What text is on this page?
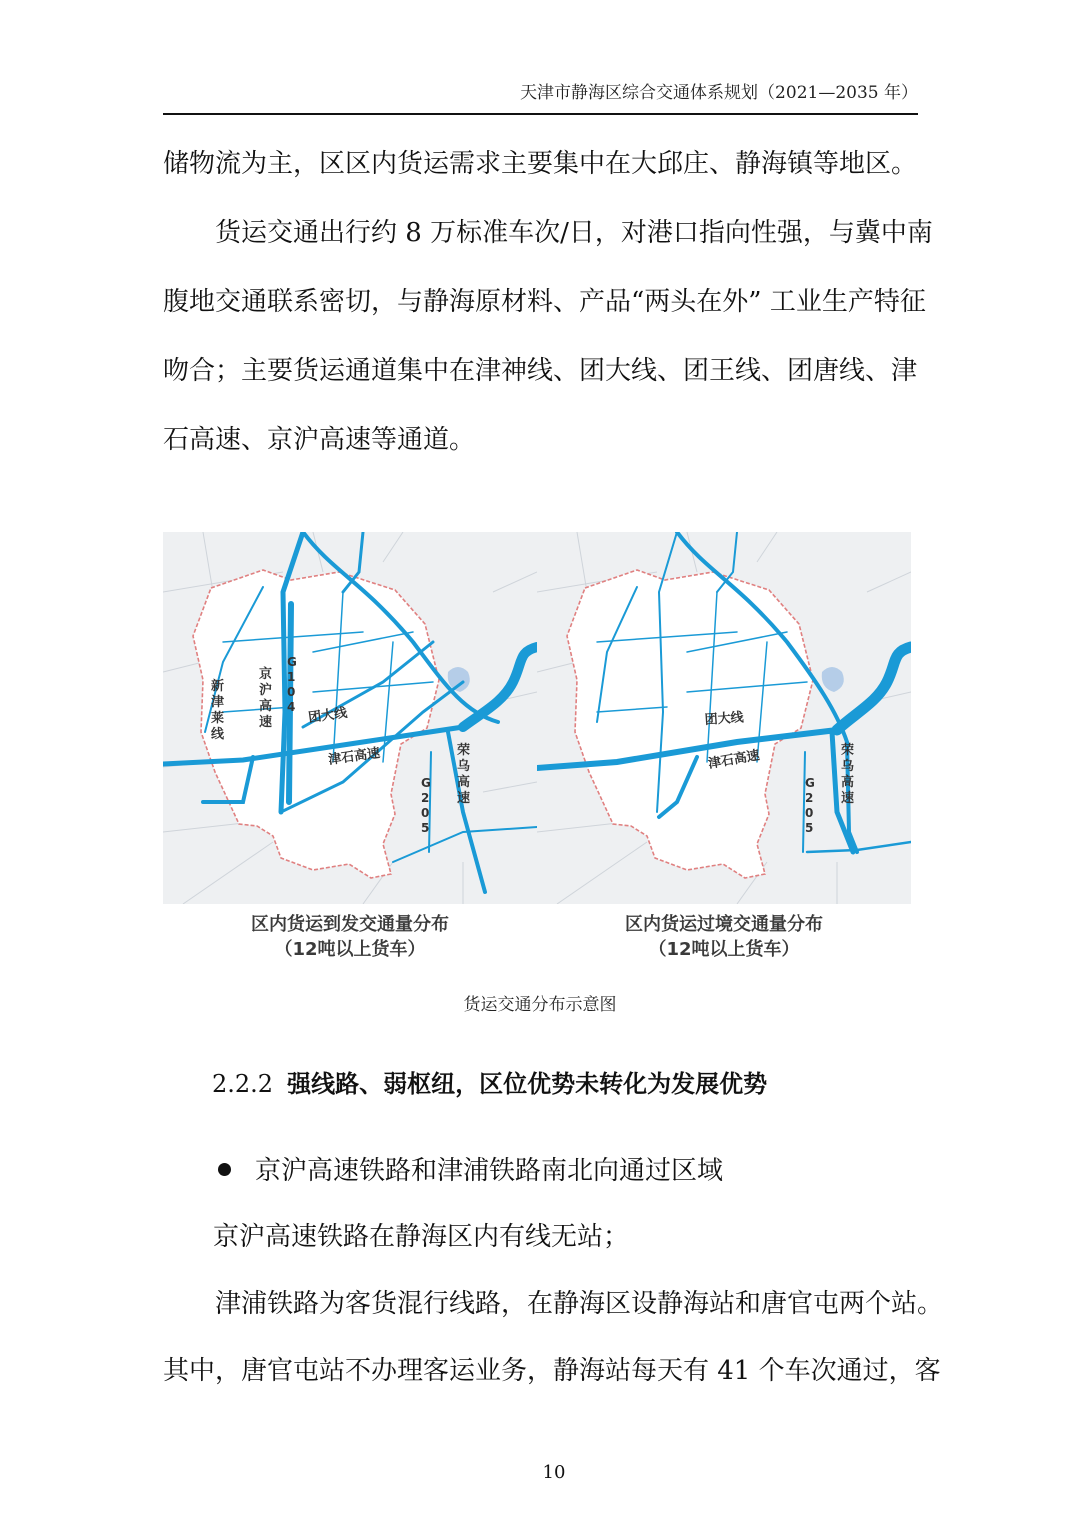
天津市静海区综合交通体系规划（2021—2035 年）

储物流为主，区区内货运需求主要集中在大邱庄、静海镇等地区。

货运交通出行约 8 万标准车次/日，对港口指向性强，与冀中南

腹地交通联系密切，与静海原材料、产品“两头在外” 工业生产特征

吻合；主要货运通道集中在津神线、团大线、团王线、团唐线、津

石高速、京沪高速等通道。

新津莱线
京沪高速
G 1 0 4 团大线
津石高速
G 2 0 5
荣乌高速
区内货运到发交通量分布
（12吨以上货车）
团大线
津石高速
G 2 0 5
荣乌高速
区内货运过境交通量分布
（12吨以上货车）
货运交通分布示意图
2.2.2 强线路、弱枢纽，区位优势未转化为发展优势
京沪高速铁路和津浦铁路南北向通过区域

京沪高速铁路在静海区内有线无站；

津浦铁路为客货混行线路，在静海区设静海站和唐官屯两个站。

其中，唐官屯站不办理客运业务，静海站每天有 41 个车次通过，客

10
